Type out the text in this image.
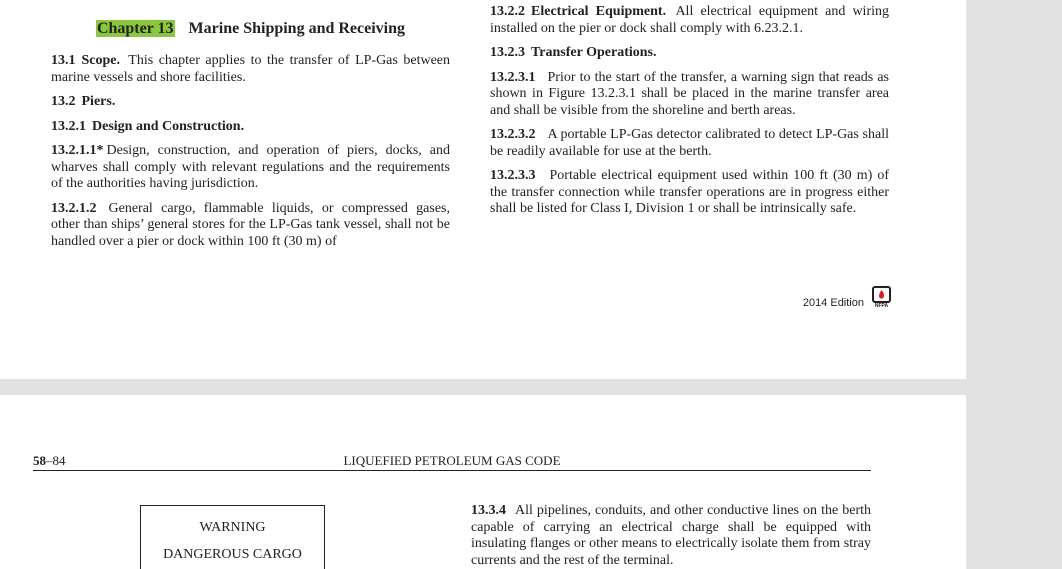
Chapter 13 Marine Shipping and Receiving

13.1 Scope. This chapter applies to the transfer of LP-Gas between marine vessels and shore facilities.

13.2 Piers.

13.2.1 Design and Construction.

13.2.1.1* Design, construction, and operation of piers, docks, and wharves shall comply with relevant regulations and the requirements of the authorities having jurisdiction.

13.2.1.2 General cargo, flammable liquids, or compressed gases, other than ships’ general stores for the LP-Gas tank vessel, shall not be handled over a pier or dock within 100 ft (30 m) of

13.2.2 Electrical Equipment. All electrical equipment and wiring installed on the pier or dock shall comply with 6.23.2.1.

13.2.3 Transfer Operations.

13.2.3.1 Prior to the start of the transfer, a warning sign that reads as shown in Figure 13.2.3.1 shall be placed in the marine transfer area and shall be visible from the shoreline and berth areas.

13.2.3.2 A portable LP-Gas detector calibrated to detect LP-Gas shall be readily available for use at the berth.

13.2.3.3 Portable electrical equipment used within 100 ft (30 m) of the transfer connection while transfer operations are in progress either shall be listed for Class I, Division 1 or shall be intrinsically safe.

2014 Edition NFPA
58–84	LIQUEFIED PETROLEUM GAS CODE
WARNING
DANGEROUS CARGO

13.3.4 All pipelines, conduits, and other conductive lines on the berth capable of carrying an electrical charge shall be equipped with insulating flanges or other means to electrically isolate them from stray currents and the rest of the terminal.
